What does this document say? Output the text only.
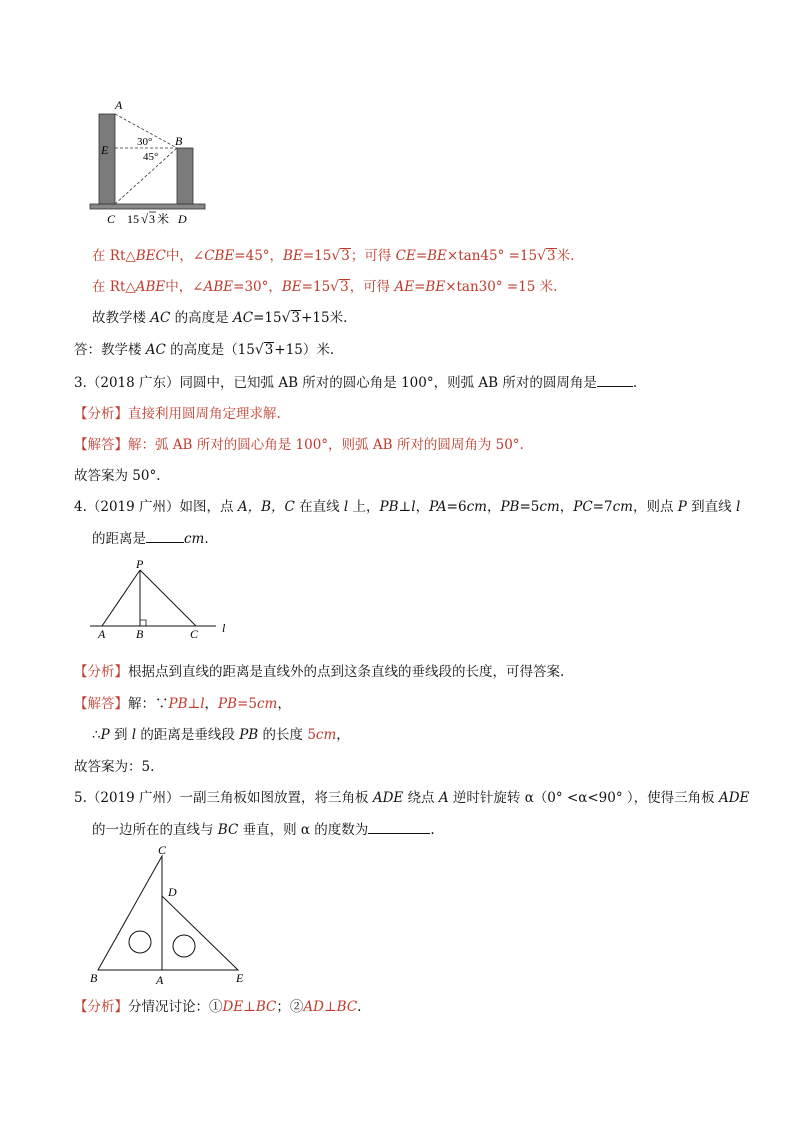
A
B
E
30°
45°
C	D
15 √ 3 米
在 Rt△BEC中，∠CBE=45°，BE=15√3；可得 CE=BE×tan45° =15√3米.
在 Rt△ABE中，∠ABE=30°，BE=15√3，可得 AE=BE×tan30° =15 米.
故教学楼 AC 的高度是 AC=15√3+15米.
答：教学楼 AC 的高度是（15√3+15）米.
3.（2018 广东）同圆中，已知弧 AB 所对的圆心角是 100°，则弧 AB 所对的圆周角是	.
【分析】直接利用圆周角定理求解.
【解答】解：弧 AB 所对的圆心角是 100°，则弧 AB 所对的圆周角为 50°.
故答案为 50°.
4.（2019 广州）如图，点 A，B，C 在直线 l 上，PB⊥l，PA=6cm，PB=5cm，PC=7cm，则点 P 到直线 l
的距离是	cm.
P
A	B	C l
【分析】根据点到直线的距离是直线外的点到这条直线的垂线段的长度，可得答案.
【解答】解：∵PB⊥l，PB=5cm，
∴P 到 l 的距离是垂线段 PB 的长度 5cm，
故答案为：5.
5.（2019 广州）一副三角板如图放置，将三角板 ADE 绕点 A 逆时针旋转 α（0° <α<90° ），使得三角板 ADE
的一边所在的直线与 BC 垂直，则 α 的度数为	.
C
D
B	A	E
【分析】分情况讨论：①DE⊥BC；②AD⊥BC.
